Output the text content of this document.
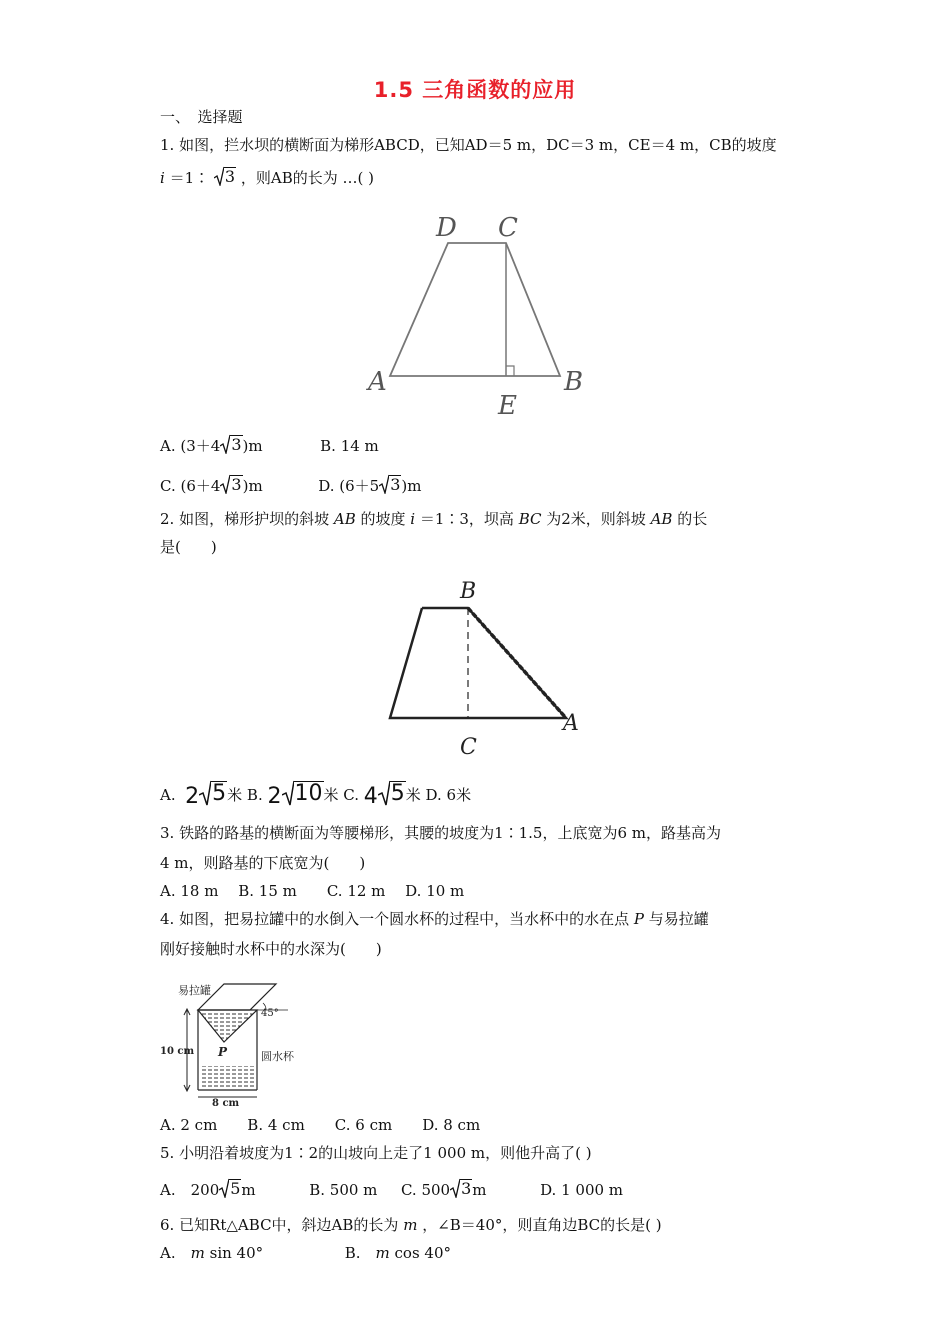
1.5 三角函数的应用
一、　选择题
1. 如图，拦水坝的横断面为梯形ABCD，已知AD＝5 m，DC＝3 m，CE＝4 m，CB的坡度
i ＝1∶ 3 ，则AB的长为 …( )
D C
A	B
E
A. (3＋4 3 )m	B. 14 m
C. (6＋4 3 )m	D. (6＋5 3 )m
2. 如图，梯形护坝的斜坡 AB 的坡度 i ＝1∶3，坝高 BC 为2米，则斜坡 AB 的长
是(　　)
B
C
A
A. 2 5 米 B. 2 10 米 C. 4 5 米 D. 6米
3. 铁路的路基的横断面为等腰梯形，其腰的坡度为1∶1.5，上底宽为6 m，路基高为
4 m，则路基的下底宽为(　　)
A. 18 m　 B. 15 m　　C. 12 m　 D. 10 m
4. 如图，把易拉罐中的水倒入一个圆水杯的过程中，当水杯中的水在点 P 与易拉罐
刚好接触时水杯中的水深为(　　)
易拉罐
45°
10 cm P	圆水杯
8 cm
A. 2 cm　　B. 4 cm　　C. 6 cm　　D. 8 cm
5. 小明沿着坡度为1∶2的山坡向上走了1 000 m，则他升高了( )
A.　200 5 m	B. 500 m C. 500 3 m	D. 1 000 m
6. 已知Rt△ABC中，斜边AB的长为 m ，∠B＝40°，则直角边BC的长是( )
A.　m sin 40°	B.　m cos 40°
